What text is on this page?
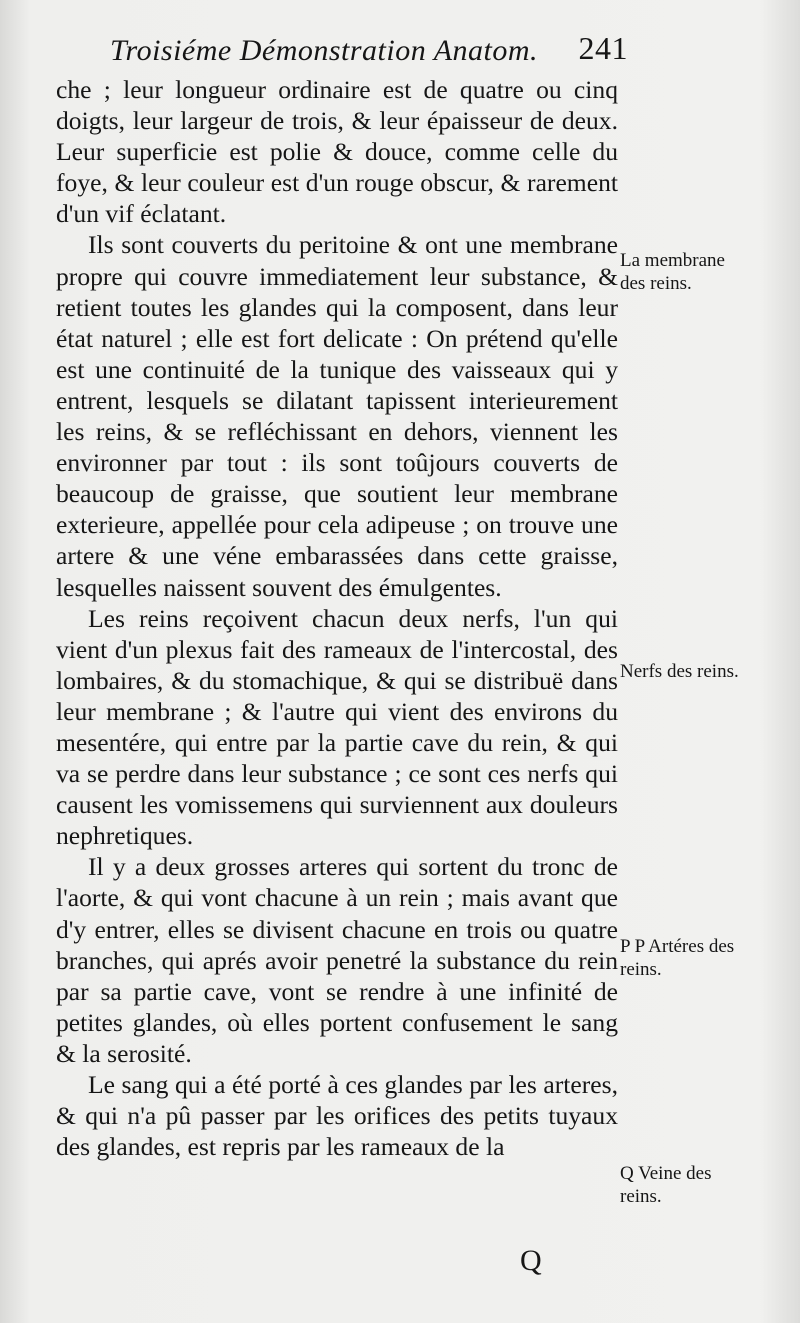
Troisiéme Démonstration Anatom. 241

che ; leur longueur ordinaire est de quatre ou cinq doigts, leur largeur de trois, & leur épaisseur de deux. Leur superficie est polie & douce, comme celle du foye, & leur couleur est d'un rouge obscur, & rarement d'un vif éclatant.

Ils sont couverts du peritoine & ont une membrane propre qui couvre immediatement leur substance, & retient toutes les glandes qui la composent, dans leur état naturel ; elle est fort delicate : On prétend qu'elle est une continuité de la tunique des vaisseaux qui y entrent, lesquels se dilatant tapissent interieurement les reins, & se refléchissant en dehors, viennent les environner par tout : ils sont toûjours couverts de beaucoup de graisse, que soutient leur membrane exterieure, appellée pour cela adipeuse ; on trouve une artere & une véne embarassées dans cette graisse, lesquelles naissent souvent des émulgentes.

Les reins reçoivent chacun deux nerfs, l'un qui vient d'un plexus fait des rameaux de l'intercostal, des lombaires, & du stomachique, & qui se distribuë dans leur membrane ; & l'autre qui vient des environs du mesentére, qui entre par la partie cave du rein, & qui va se perdre dans leur substance ; ce sont ces nerfs qui causent les vomissemens qui surviennent aux douleurs nephretiques.

Il y a deux grosses arteres qui sortent du tronc de l'aorte, & qui vont chacune à un rein ; mais avant que d'y entrer, elles se divisent chacune en trois ou quatre branches, qui aprés avoir penetré la substance du rein par sa partie cave, vont se rendre à une infinité de petites glandes, où elles portent confusement le sang & la serosité.

Le sang qui a été porté à ces glandes par les arteres, & qui n'a pû passer par les orifices des petits tuyaux des glandes, est repris par les rameaux de la

La membrane des reins.
Nerfs des reins.
P P Artéres des reins.
Q Veine des reins.
Q
